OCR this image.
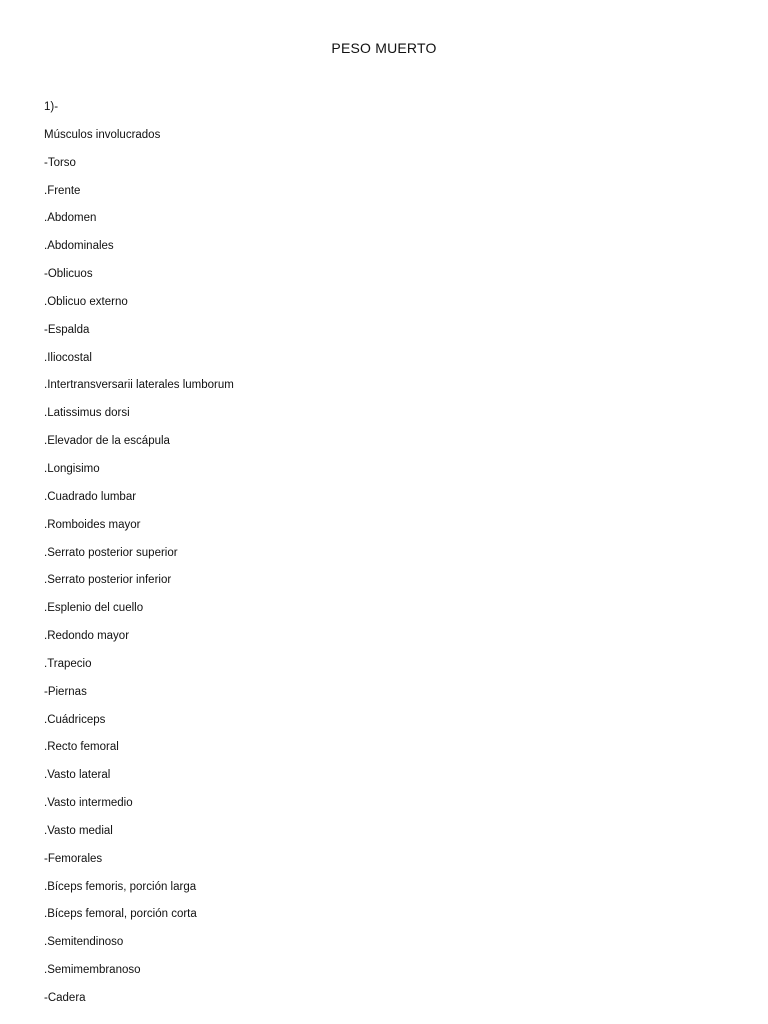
PESO MUERTO
1)-
Músculos involucrados
-Torso
.Frente
.Abdomen
.Abdominales
-Oblicuos
.Oblicuo externo
-Espalda
.Iliocostal
.Intertransversarii laterales lumborum
.Latissimus dorsi
.Elevador de la escápula
.Longisimo
.Cuadrado lumbar
.Romboides mayor
.Serrato posterior superior
.Serrato posterior inferior
.Esplenio del cuello
.Redondo mayor
.Trapecio
-Piernas
.Cuádriceps
.Recto femoral
.Vasto lateral
.Vasto intermedio
.Vasto medial
-Femorales
.Bíceps femoris, porción larga
.Bíceps femoral, porción corta
.Semitendinoso
.Semimembranoso
-Cadera
